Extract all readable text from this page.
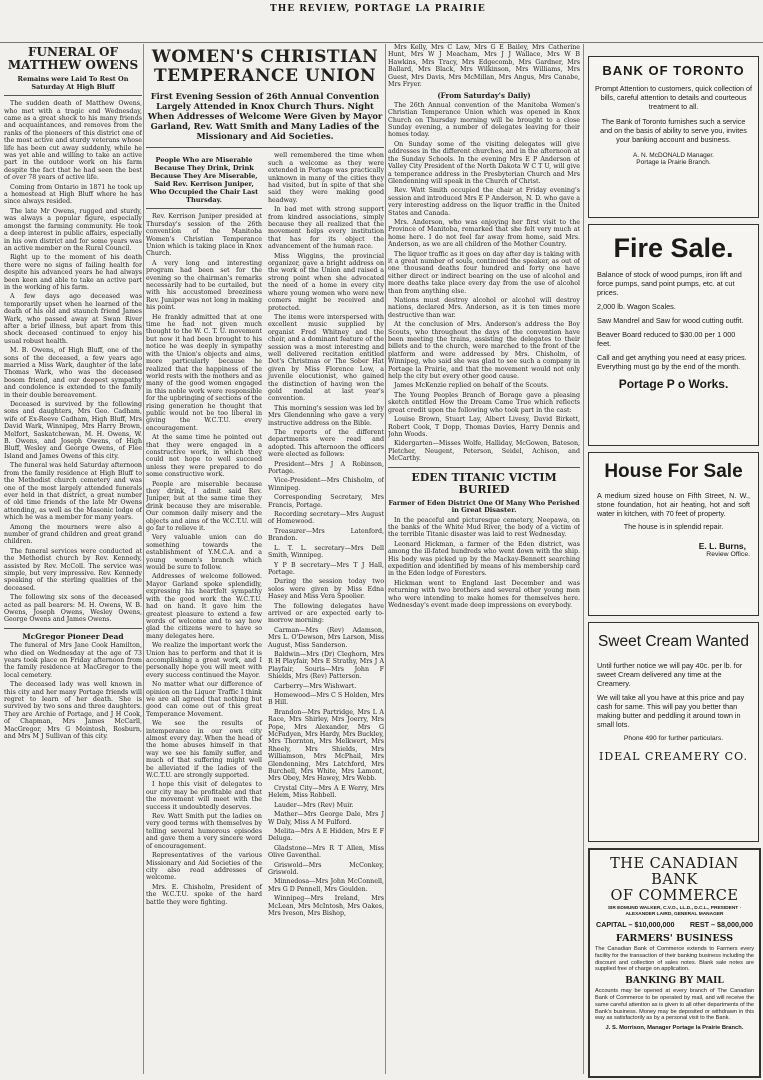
THE REVIEW, PORTAGE LA PRAIRIE
FUNERAL OF MATTHEW OWENS
Remains were Laid To Rest On Saturday At High Bluff

The sudden death of Matthew Owens, who met with a tragic end Wednesday, came as a great shock to his many friends and acquaintances, and removes from the ranks of the pioneers of this district one of the most active and sturdy veterans whose life has been cut away suddenly, while he was yet able and willing to take an active part in the outdoor work on his farm despite the fact that he had seen the best of over 78 years of active life.

Coming from Ontario in 1871 he took up a homestead at High Bluff where he has since always resided.

The late Mr Owens, rugged and sturdy, was always a popular figure, especially amongst the farming community. He took a deep interest in public affairs, especially in his own district and for some years was an active member on the Rural Council.

Right up to the moment of his death there were no signs of failing health for despite his advanced years he had always been keen and able to take an active part in the working of his farm.

A few days ago deceased was temporarily upset when he learned of the death of his old and staunch friend James Wark, who passed away at Swan River after a brief illness, but apart from this shock deceased continued to enjoy his usual robust health.

M. B. Owens, of High Bluff, one of the sons of the deceased, a few years ago married a Miss Wark, daughter of the late Thomas Wark, who was the deceased bosom friend, and our deepest sympathy and condolence is extended to the family in their double bereavement.

Deceased is survived by the following sons and daughters, Mrs Geo. Cadham, wife of Ex-Reeve Cadham, High Bluff, Mrs David Wark, Winnipeg, Mrs Harry Brown, Melfort, Saskatchewan, M. H. Owens, W. B. Owens, and Joseph Owens, of High Bluff, Wesley and George Owens, of Flee Island and James Owens of this city.

The funeral was held Saturday afternoon from the family residence at High Bluff to the Methodist church cemetery and was one of the most largely attended funerals ever held in that district, a great number of old time friends of the late Mr Owens attending, as well as the Masonic lodge of which he was a member for many years.

Among the mourners were also a number of grand children and great grand children.

The funeral services were conducted at the Methodist church by Rev. Kennedy, assisted by Rev. McColl. The service was simple, but very impressive. Rev. Kennedy speaking of the sterling qualities of the deceased.

The following six sons of the deceased acted as pall bearers: M. H. Owens, W. B. Owens, Joseph Owens, Wesley Owens, George Owens and James Owens.

McGregor Pioneer Dead

The funeral of Mrs Jane Cook Hamilton, who died on Wednesday at the age of 73 years took place on Friday afternoon from the family residence at MacGregor to the local cemetery.

The deceased lady was well known in this city and her many Portage friends will regret to learn of her death. She is survived by two sons and three daughters. They are Archie of Portage, and J H Cook, of Chapman, Mrs James McCarll, MacGregor, Mrs G Mointosh, Rosburn, and Mrs M J Sullivan of this city.

WOMEN'S CHRISTIAN TEMPERANCE UNION
First Evening Session of 26th Annual Convention Largely Attended in Knox Church Thurs. Night When Addresses of Welcome Were Given by Mayor Garland, Rev. Watt Smith and Many Ladies of the Missionary and Aid Societies.
People Who are Miserable Because They Drink, Drink Because They Are Miserable, Said Rev. Kerrison Juniper, Who Occupied the Chair Last Thursday.

Rev. Kerrison Juniper presided at Thursday's session of the 26th convention of the Manitoba Women's Christian Temperance Union which is taking place in Knox Church.

A very long and interesting program had been set for the evening so the chairman's remarks necessarily had to be curtailed, but with his accustomed breeziness Rev. Juniper was not long in making his point.

He frankly admitted that at one time he had not given much thought to the W. C. T. U. movement but now it had been brought to his notice he was deeply in sympathy with the Union's objects and aims, more particularly because he realized that the happiness of the world rests with the mothers and as many of the good women engaged in this noble work were responsible for the upbringing of sections of the rising generation he thought that public would not be too liberal in giving the W.C.T.U. every encouragement.

At the same time he pointed out that they were engaged in a constructive work, in which they could not hope to well succeed unless they were prepared to do some constructive work.

People are miserable because they drink, I admit said Rev. Juniper, but at the same time they drink because they are miserable. Our common daily misery and the objects and aims of the W.C.T.U. will go far to relieve it.

Very valuable union can do something towards the establishment of Y.M.C.A. and a young women's branch which would be sure to follow.

Addresses of welcome followed. Mayor Garland spoke splendidly, expressing his heartfelt sympathy with the good work the W.C.T.U. had on hand. It gave him the greatest pleasure to extend a few words of welcome and to say how glad the citizens were to have so many delegates here.

We realize the important work the Union has to perform and that it is accomplishing a great work, and I personally hope you will meet with every success continued the Mayor.

No matter what our difference of opinion on the Liquor Traffic I think we are all agreed that nothing but good can come out of this great Temperance Movement.

We see the results of intemperance in our own city almost every day. When the head of the home abuses himself in that way we see his family suffer, and much of that suffering might well be alleviated if the ladies of the W.C.T.U. are strongly supported.

I hope this visit of delegates to our city may be profitable and that the movement will meet with the success it undoubtedly deserves.

Rev. Watt Smith put the ladies on very good terms with themselves by telling several humorous episodes and gave them a very sincere word of encouragement.

Representatives of the various Missionary and Aid Societies of the city also read addresses of welcome.

Mrs. E. Chisholm, President of the W.C.T.U. spoke of the hard battle they were fighting.

well remembered the time when such a welcome as they were extended in Portage was practically unknown in many of the cities they had visited, but in spite of that she said they were making good headway.

In bad met with strong support from kindred associations, simply because they all realized that the movement helps every institution that has for its object the advancement of the human race.

Miss Wiggins, the provincial organizer, gave a bright address on the work of the Union and raised a strong point when she advocated the need of a home in every city where young women who were new comers might be received and protected.

The items were interspersed with excellent music supplied by organist Fred Whitney and the choir, and a dominant feature of the session was a most interesting and well delivered recitation entitled Dot's Christmas or The Sober Hat given by Miss Florence Low, a juvenile elocutionist, who gained the distinction of having won the gold medal at last year's convention.

This morning's session was led by Mrs Glendenning who gave a very instructive address on the Bible.

The reports of the different departments were read and adopted. This afternoon the officers were elected as follows:

President—Mrs J A Robinson, Portage.

Vice-President—Mrs Chisholm, of Winnipeg.

Corresponding Secretary, Mrs Francis, Portage.

Recording secretary—Mrs August of Homewood.

Treasurer—Mrs Latenford, Brandon.

L. T. L. secretary—Mrs Dell Smith, Winnipeg.

Y P B secretary—Mrs T J Hall, Portage.

During the session today two solos were given by Miss Edna Hasey and Miss Vera Spoolier.

The following delegates have arrived or are expected early to-morrow morning:

Carman—Mrs (Rev) Adamson, Mrs L. O'Dewson, Mrs Larson, Miss August, Miss Sanderson.

Baldwin—Mrs (Dr) Cleghorn, Mrs R H Playfair, Mrs E Strathy, Mrs J A Playfair, Souris—Mrs John F Shields, Mrs (Rev) Patterson.

Carberry—Mrs Wishwart.

Homewood—Mrs C S Holden, Mrs B Hill.

Brandon—Mrs Partridge, Mrs L A Race, Mrs Shirley, Mrs Joerry, Mrs Pope, Mrs Alexander, Mrs G McFadyen, Mrs Hardy, Mrs Buckley, Mrs Thornton, Mrs Melkwert, Mrs Rheely, Mrs Shields, Mrs Williamson, Mrs McPhail, Mrs Glendenning, Mrs Latchford, Mrs Burchell, Mrs White, Mrs Lamont, Mrs Obey, Mrs Hawey, Mrs Webb.

Crystal City—Mrs A E Werry, Mrs Helem, Miss Robbell.

Lauder—Mrs (Rev) Muir.

Mather—Mrs George Dale, Mrs J W Daly, Miss A M Fulford.

Melita—Mrs A E Hidden, Mrs E F Deluga.

Gladstone—Mrs R T Allen, Miss Olive Gaventhal.

Griswold—Mrs McConkey, Griswold.

Minnedosa—Mrs John McConnell, Mrs G D Pennell, Mrs Goulden.

Winnipeg—Mrs Ireland, Mrs McLean, Mrs McIntosh, Mrs Oakes, Mrs Iveson, Mrs Bishop,

Mrs Kelly, Mrs C Law, Mrs G E Bailey, Mrs Catherine Hunt, Mrs W J Meacham, Mrs J J Wallace, Mrs W B Hawkins, Mrs Tracy, Mrs Edgecomb, Mrs Gardner, Mrs Ballard, Mrs Black, Mrs Wilkinson, Mrs Williams, Mrs Guest, Mrs Davis, Mrs McMillan, Mrs Angus, Mrs Canabe, Mrs Fryer.

(From Saturday's Daily)

The 26th Annual convention of the Manitoba Women's Christian Temperance Union which was opened in Knox Church on Thursday morning will be brought to a close Sunday evening, a number of delegates leaving for their homes today.

On Sunday some of the visiting delegates will give addresses in the different churches, and in the afternoon at the Sunday Schools. In the evening Mrs E P Anderson of Valley City President of the North Dakota W C T U, will give a temperance address in the Presbyterian Church and Mrs Glendenning will speak in the Church of Christ.

Rev. Watt Smith occupied the chair at Friday evening's session and introduced Mrs E P Anderson, N. D. who gave a very interesting address on the liquor traffic in the United States and Canada.

Mrs. Anderson, who was enjoying her first visit to the Province of Manitoba, remarked that she felt very much at home here. I do not feel far away from home, said Mrs. Anderson, as we are all children of the Mother Country.

The liquor traffic as it goes on day after day is taking with it a great number of souls, continued the speaker, as out of one thousand deaths four hundred and forty one have either direct or indirect bearing on the use of alcohol and more deaths take place every day from the use of alcohol than from anything else.

Nations must destroy alcohol or alcohol will destroy nations, declared Mrs. Anderson, as it is ten times more destructive than war.

At the conclusion of Mrs. Anderson's address the Boy Scouts, who throughout the days of the convention have been meeting the trains, assisting the delegates to their billets and to the church, were marched to the front of the platform and were addressed by Mrs. Chisholm, of Winnipeg, who said she was glad to see such a company in Portage la Prairie, and that the movement would not only help the city but every other good cause.

James McKenzie replied on behalf of the Scouts.

The Young Peoples Branch of Borage gave a pleasing sketch entitled How the Dream Came True which reflects great credit upon the following who took part in the cast:

Louise Brown, Stuart Lay, Albert Livesy, David Birkett, Robert Cook, T Dopp, Thomas Davies, Harry Dennis and John Woods.

Kidergarten—Misses Wolfe, Halliday, McGowen, Bateson, Pletcher, Neugent, Peterson, Seidel, Achison, and McCarthy.

EDEN TITANIC VICTIM BURIED
Farmer of Eden District One Of Many Who Perished in Great Disaster.

In the peaceful and picturesque cemetery, Neepawa, on the banks of the White Mud River, the body of a victim of the terrible Titanic disaster was laid to rest Wednesday.

Leonard Hickman, a farmer of the Eden district, was among the ill-fated hundreds who went down with the ship. His body was picked up by the Mackay-Bennett searching expedition and identified by means of his membership card in the Eden lodge of Foresters.

Hickman went to England last December and was returning with two brothers and several other young men who were intending to make homes for themselves here. Wednesday's event made deep impressions on everybody.

BANK OF TORONTO
Prompt Attention to customers, quick collection of bills, careful attention to details and courteous treatment to all.
The Bank of Toronto furnishes such a service and on the basis of ability to serve you, invites your banking account and business.
A. N. McDONALD Manager.
Portage la Prairie Branch.
Fire Sale.
Balance of stock of wood pumps, iron lift and force pumps, sand point pumps, etc. at cut prices.
2,000 lb. Wagon Scales.
Saw Mandrel and Saw for wood cutting outfit.
Beaver Board reduced to $30.00 per 1 000 feet.
Call and get anything you need at easy prices. Everything must go by the end of the month.
Portage P o Works.
House For Sale
A medium sized house on Fifth Street, N. W., stone foundation, hot air heating, hot and soft water in kitchen, with 70 feet of property.
The house is in splendid repair.
E. L. Burns,
Review Office.
Sweet Cream Wanted
Until further notice we will pay 40c. per lb. for sweet Cream delivered any time at the Creamery.
We will take all you have at this price and pay cash for same. This will pay you better than making butter and peddling it around town in small lots.
Phone 490 for further particulars.
IDEAL CREAMERY CO.
THE CANADIAN BANK
OF COMMERCE
SIR EDMUND WALKER, C.V.O., LL.D., D.C.L., PRESIDENT · ALEXANDER LAIRD, GENERAL MANAGER
CAPITAL – $10,000,000 REST – $8,000,000
FARMERS' BUSINESS
The Canadian Bank of Commerce extends to Farmers every facility for the transaction of their banking business including the discount and collection of sales notes. Blank sale notes are supplied free of charge on application.
BANKING BY MAIL
Accounts may be opened at every branch of The Canadian Bank of Commerce to be operated by mail, and will receive the same careful attention as is given to all other departments of the Bank's business. Money may be deposited or withdrawn in this way as satisfactorily as by a personal visit to the Bank.
J. S. Morrison, Manager Portage la Prairie Branch.
